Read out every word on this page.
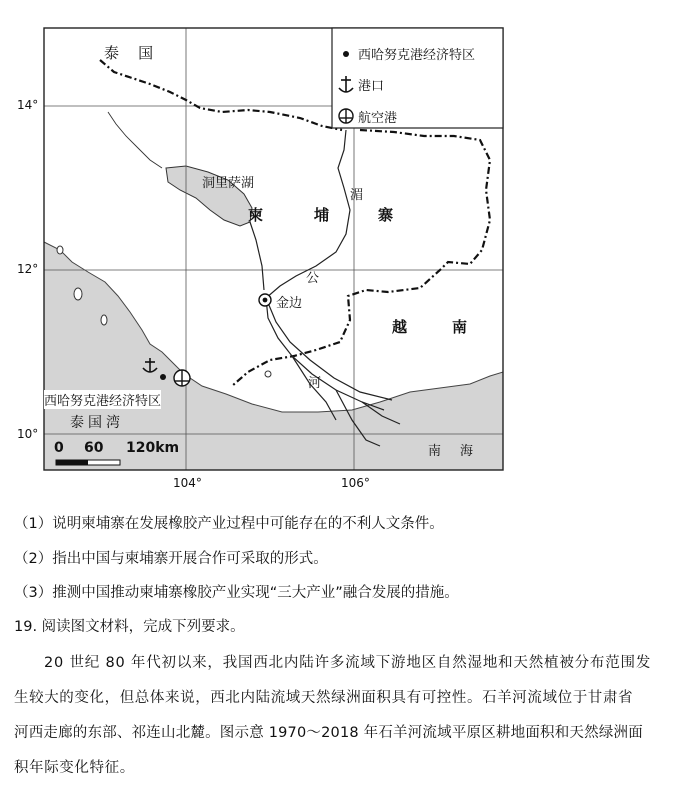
西哈努克港经济特区
港口
航空港
14°
12°
10°
104°	106°
泰    国
洞里萨湖
柬	埔	寨
湄
公
河
金边
越	南
西哈努克港经济特区
泰国湾
南 海
0 60 120km
（1）说明柬埔寨在发展橡胶产业过程中可能存在的不利人文条件。
（2）指出中国与柬埔寨开展合作可采取的形式。
（3）推测中国推动柬埔寨橡胶产业实现“三大产业”融合发展的措施。
19. 阅读图文材料，完成下列要求。
20 世纪 80 年代初以来，我国西北内陆许多流域下游地区自然湿地和天然植被分布范围发
生较大的变化，但总体来说，西北内陆流域天然绿洲面积具有可控性。石羊河流域位于甘肃省
河西走廊的东部、祁连山北麓。图示意 1970～2018 年石羊河流域平原区耕地面积和天然绿洲面
积年际变化特征。
